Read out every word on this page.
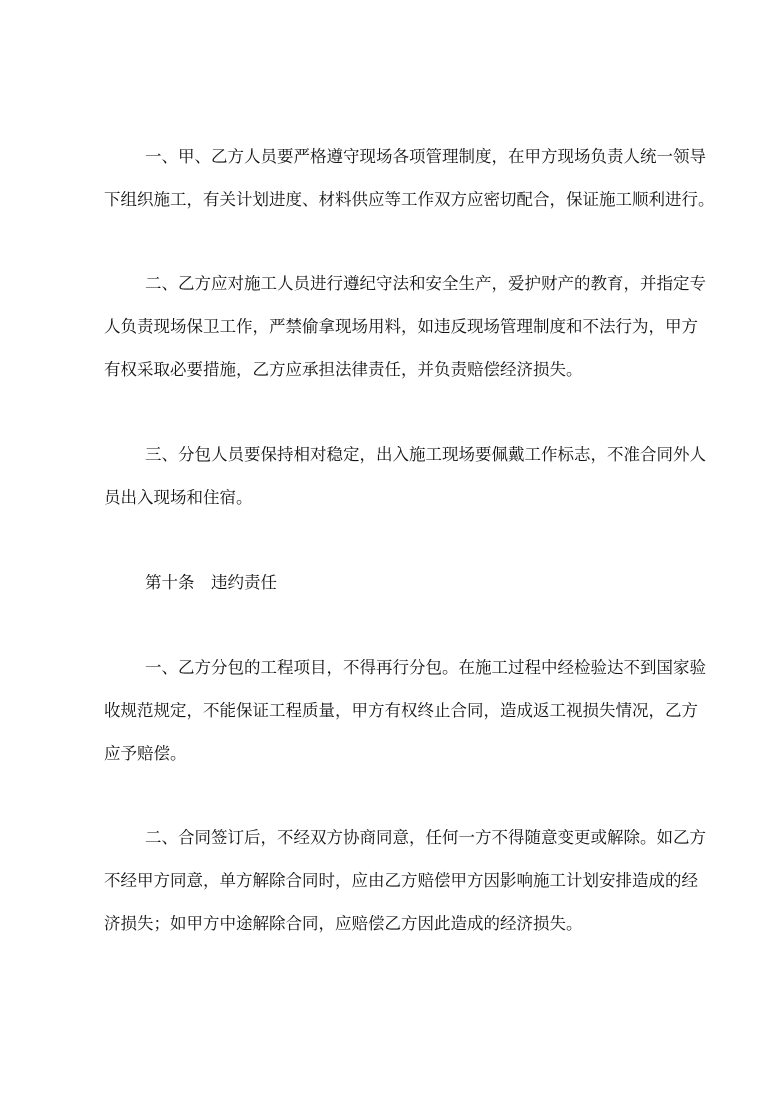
一、甲、乙方人员要严格遵守现场各项管理制度，在甲方现场负责人统一领导
下组织施工，有关计划进度、材料供应等工作双方应密切配合，保证施工顺利进行。
二、乙方应对施工人员进行遵纪守法和安全生产，爱护财产的教育，并指定专
人负责现场保卫工作，严禁偷拿现场用料，如违反现场管理制度和不法行为，甲方
有权采取必要措施，乙方应承担法律责任，并负责赔偿经济损失。
三、分包人员要保持相对稳定，出入施工现场要佩戴工作标志，不准合同外人
员出入现场和住宿。
第十条　违约责任
一、乙方分包的工程项目，不得再行分包。在施工过程中经检验达不到国家验
收规范规定，不能保证工程质量，甲方有权终止合同，造成返工视损失情况，乙方
应予赔偿。
二、合同签订后，不经双方协商同意，任何一方不得随意变更或解除。如乙方
不经甲方同意，单方解除合同时，应由乙方赔偿甲方因影响施工计划安排造成的经
济损失；如甲方中途解除合同，应赔偿乙方因此造成的经济损失。
